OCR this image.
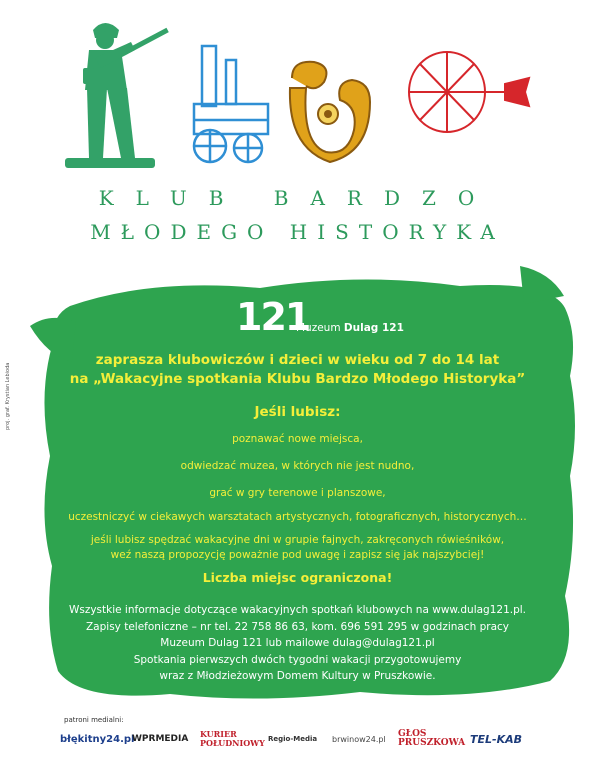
KLUB BARDZO
MŁODEGO HISTORYKA
121
Muzeum Dulag 121
zaprasza klubowiczów i dzieci w wieku od 7 do 14 lat
na „Wakacyjne spotkania Klubu Bardzo Młodego Historyka”
Jeśli lubisz:
poznawać nowe miejsca,
odwiedzać muzea, w których nie jest nudno,
grać w gry terenowe i planszowe,
uczestniczyć w ciekawych warsztatach artystycznych, fotograficznych, historycznych…
jeśli lubisz spędzać wakacyjne dni w grupie fajnych, zakręconych rówieśników,
weź naszą propozycję poważnie pod uwagę i zapisz się jak najszybciej!
Liczba miejsc ograniczona!
Wszystkie informacje dotyczące wakacyjnych spotkań klubowych na www.dulag121.pl.
Zapisy telefoniczne – nr tel. 22 758 86 63, kom. 696 591 295 w godzinach pracy
Muzeum Dulag 121 lub mailowe dulag@dulag121.pl
Spotkania pierwszych dwóch tygodni wakacji przygotowujemy
wraz z Młodzieżowym Domem Kultury w Pruszkowie.
proj. graf. Krystian Lebioda
patroni medialni:
błękitny24.pl
WPRMEDIA KURIER POŁUDNIOWY Regio-Media brwinow24.pl GŁOS PRUSZKOWA TEL-KAB
